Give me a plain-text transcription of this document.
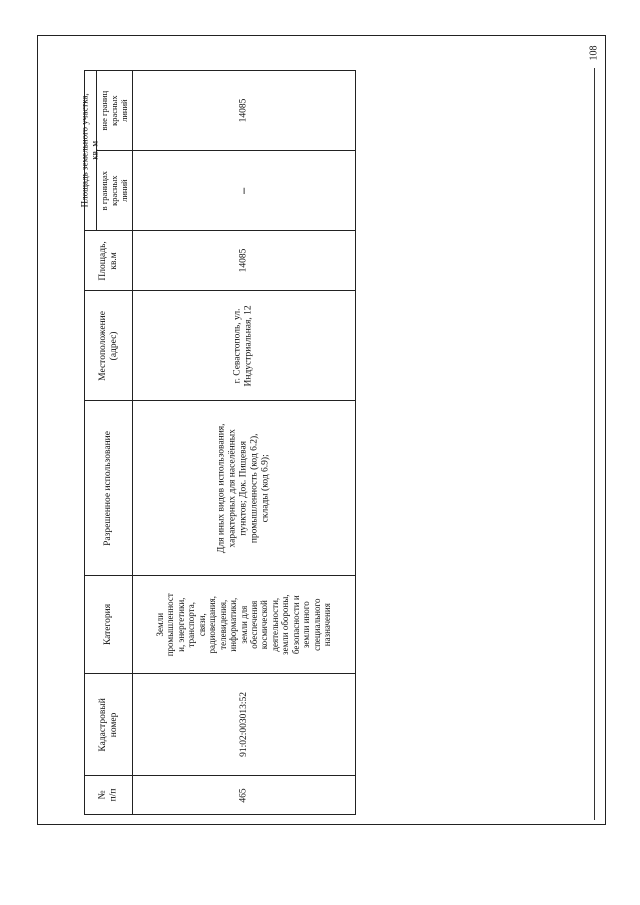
108
Площадь земельного участка,
кв. м
вне границ
красных
линий
в границах
красных
линий
Площадь,
кв.м
Местоположение
(адрес)
Разрешенное использование
Категория
Кадастровый
номер
№
п/п
14085
–
14085
г. Севастополь, ул.
Индустриальная, 12
Для иных видов использования,
характерных для населённых
пунктов; Док. Пищевая
промышленность (код 6.2),
склады (код 6.9);
Земли
промышленност
и, энергетики,
транспорта,
связи,
радиовещания,
телевидения,
информатики,
земли для
обеспечения
космической
деятельности,
земли обороны,
безопасности и
земли иного
специального
назначения
91:02:003013:52
465
